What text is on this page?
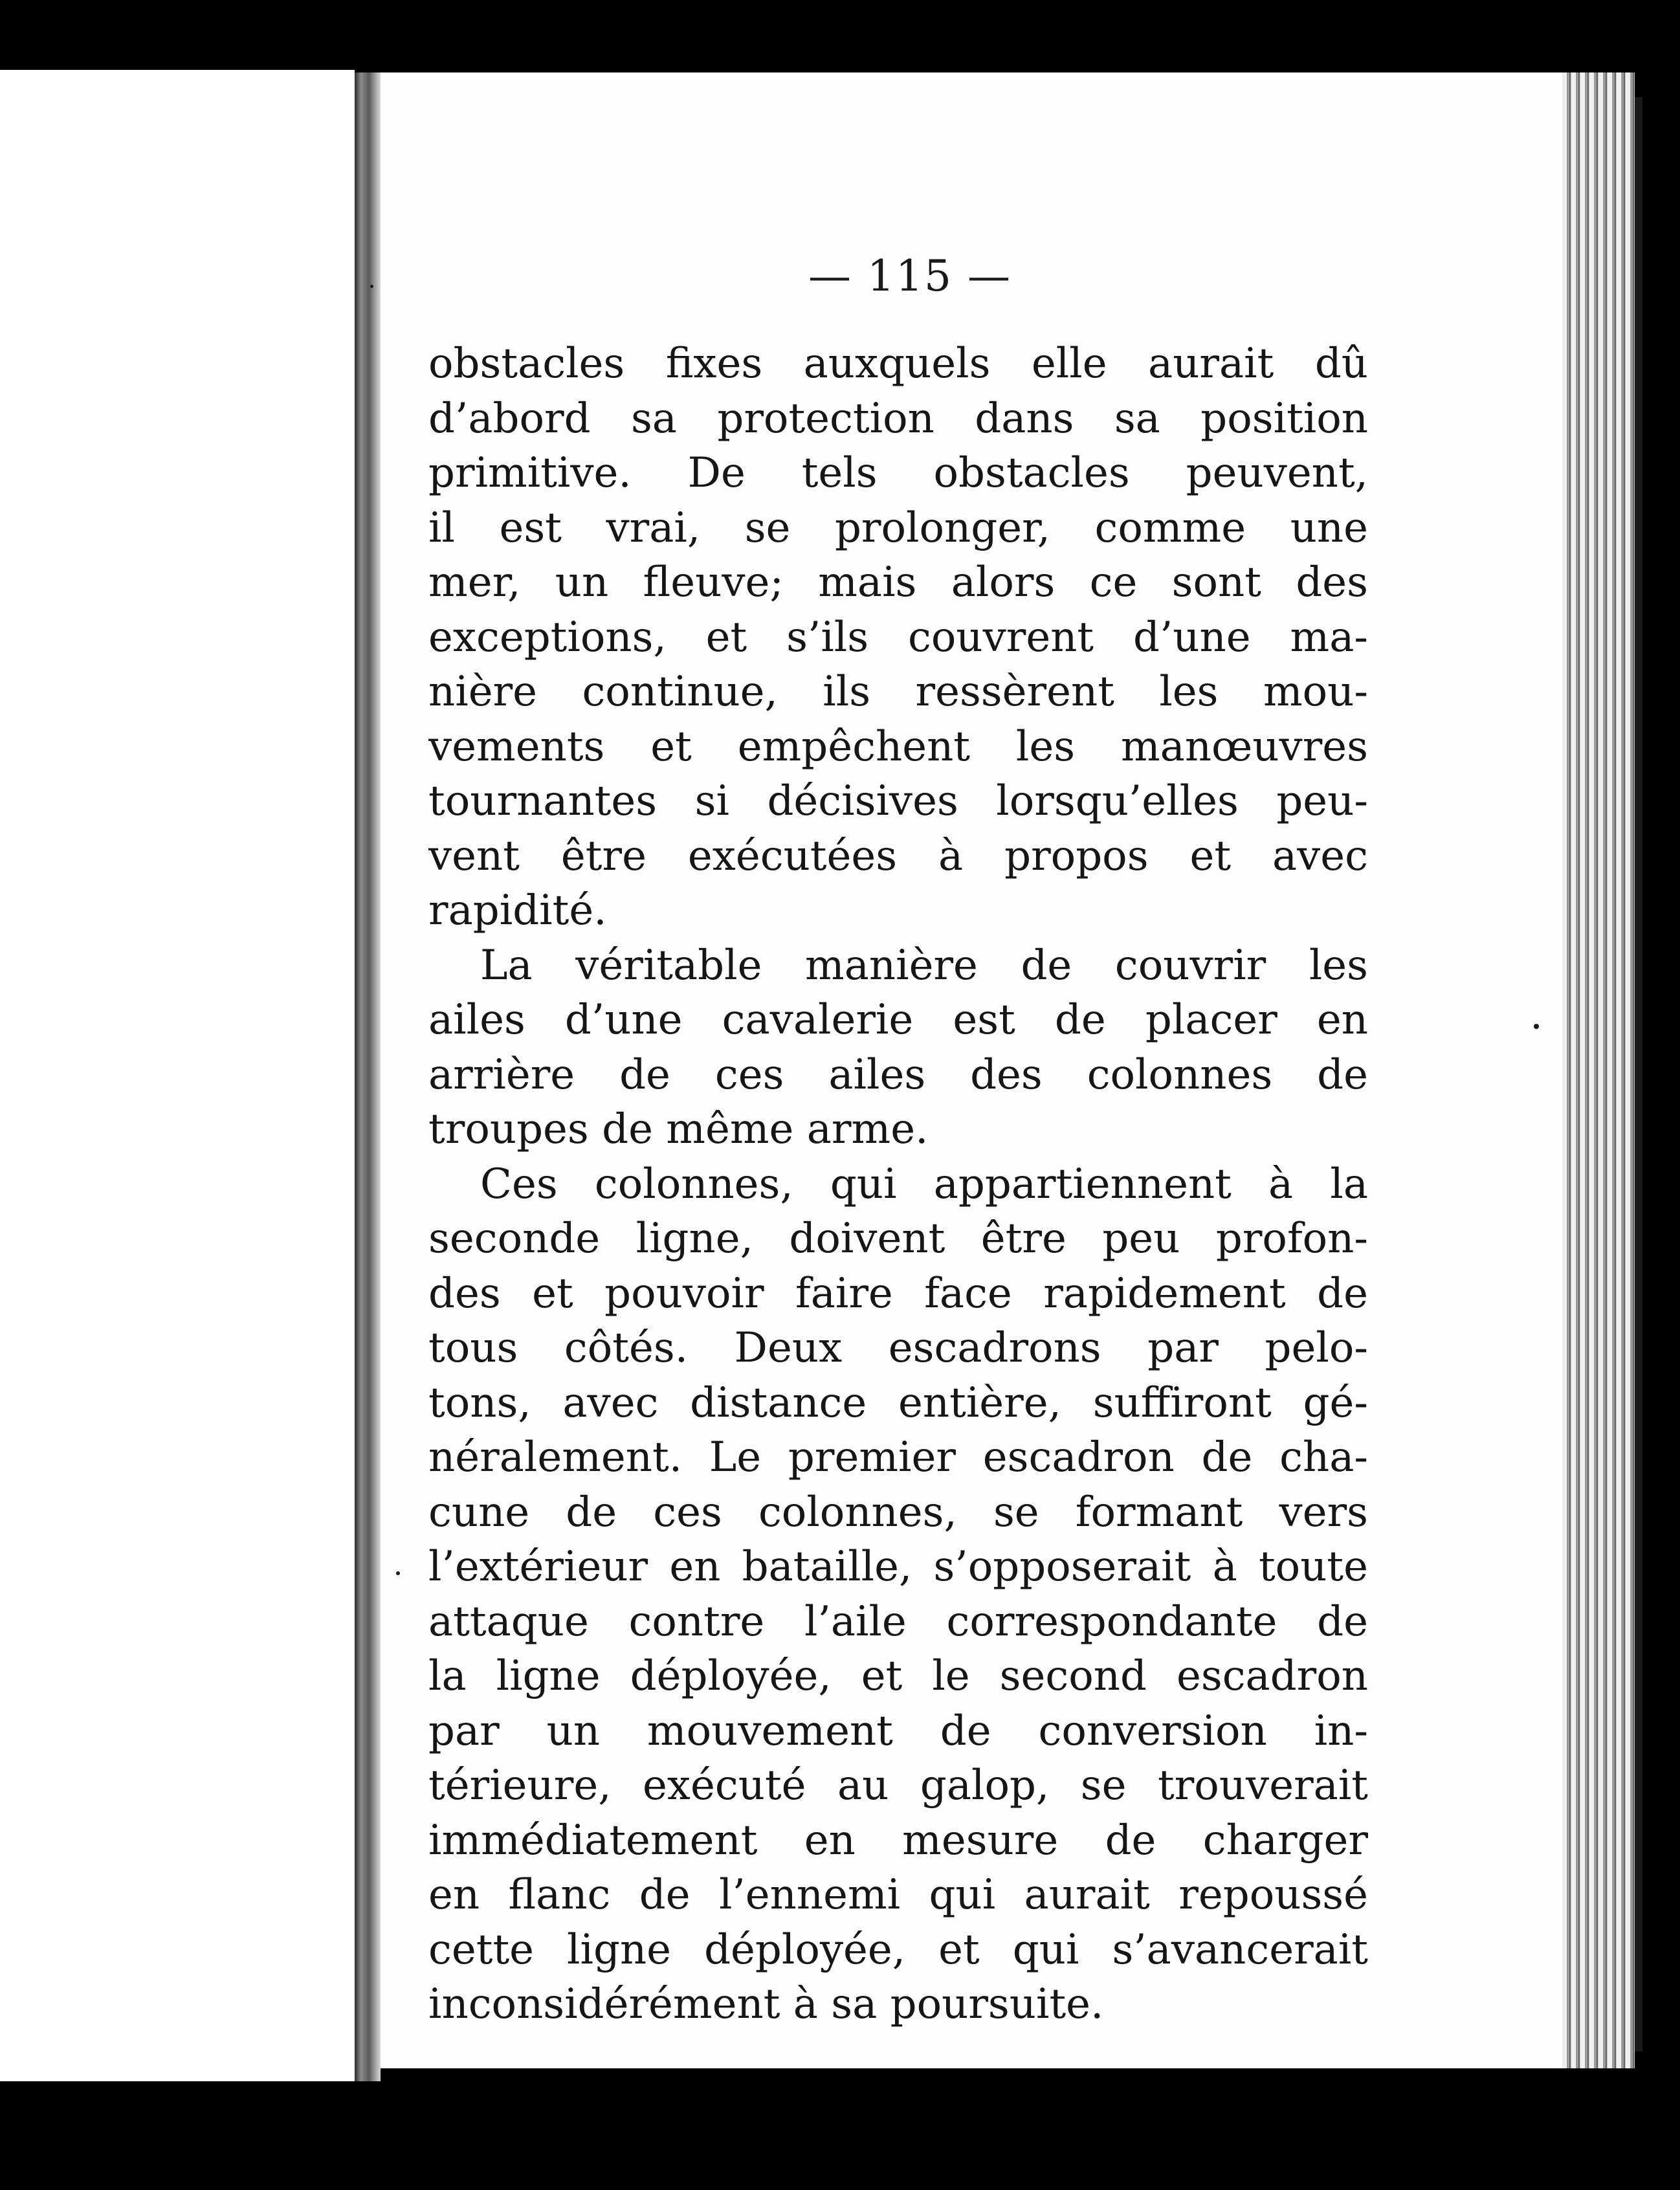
— 115 —
obstacles fixes auxquels elle aurait dû
d’abord sa protection dans sa position
primitive. De tels obstacles peuvent,
il est vrai, se prolonger, comme une
mer, un fleuve; mais alors ce sont des
exceptions, et s’ils couvrent d’une ma-
nière continue, ils ressèrent les mou-
vements et empêchent les manœuvres
tournantes si décisives lorsqu’elles peu-
vent être exécutées à propos et avec
rapidité.
La véritable manière de couvrir les
ailes d’une cavalerie est de placer en
arrière de ces ailes des colonnes de
troupes de même arme.
Ces colonnes, qui appartiennent à la
seconde ligne, doivent être peu profon-
des et pouvoir faire face rapidement de
tous côtés. Deux escadrons par pelo-
tons, avec distance entière, suffiront gé-
néralement. Le premier escadron de cha-
cune de ces colonnes, se formant vers
l’extérieur en bataille, s’opposerait à toute
attaque contre l’aile correspondante de
la ligne déployée, et le second escadron
par un mouvement de conversion in-
térieure, exécuté au galop, se trouverait
immédiatement en mesure de charger
en flanc de l’ennemi qui aurait repoussé
cette ligne déployée, et qui s’avancerait
inconsidérément à sa poursuite.
